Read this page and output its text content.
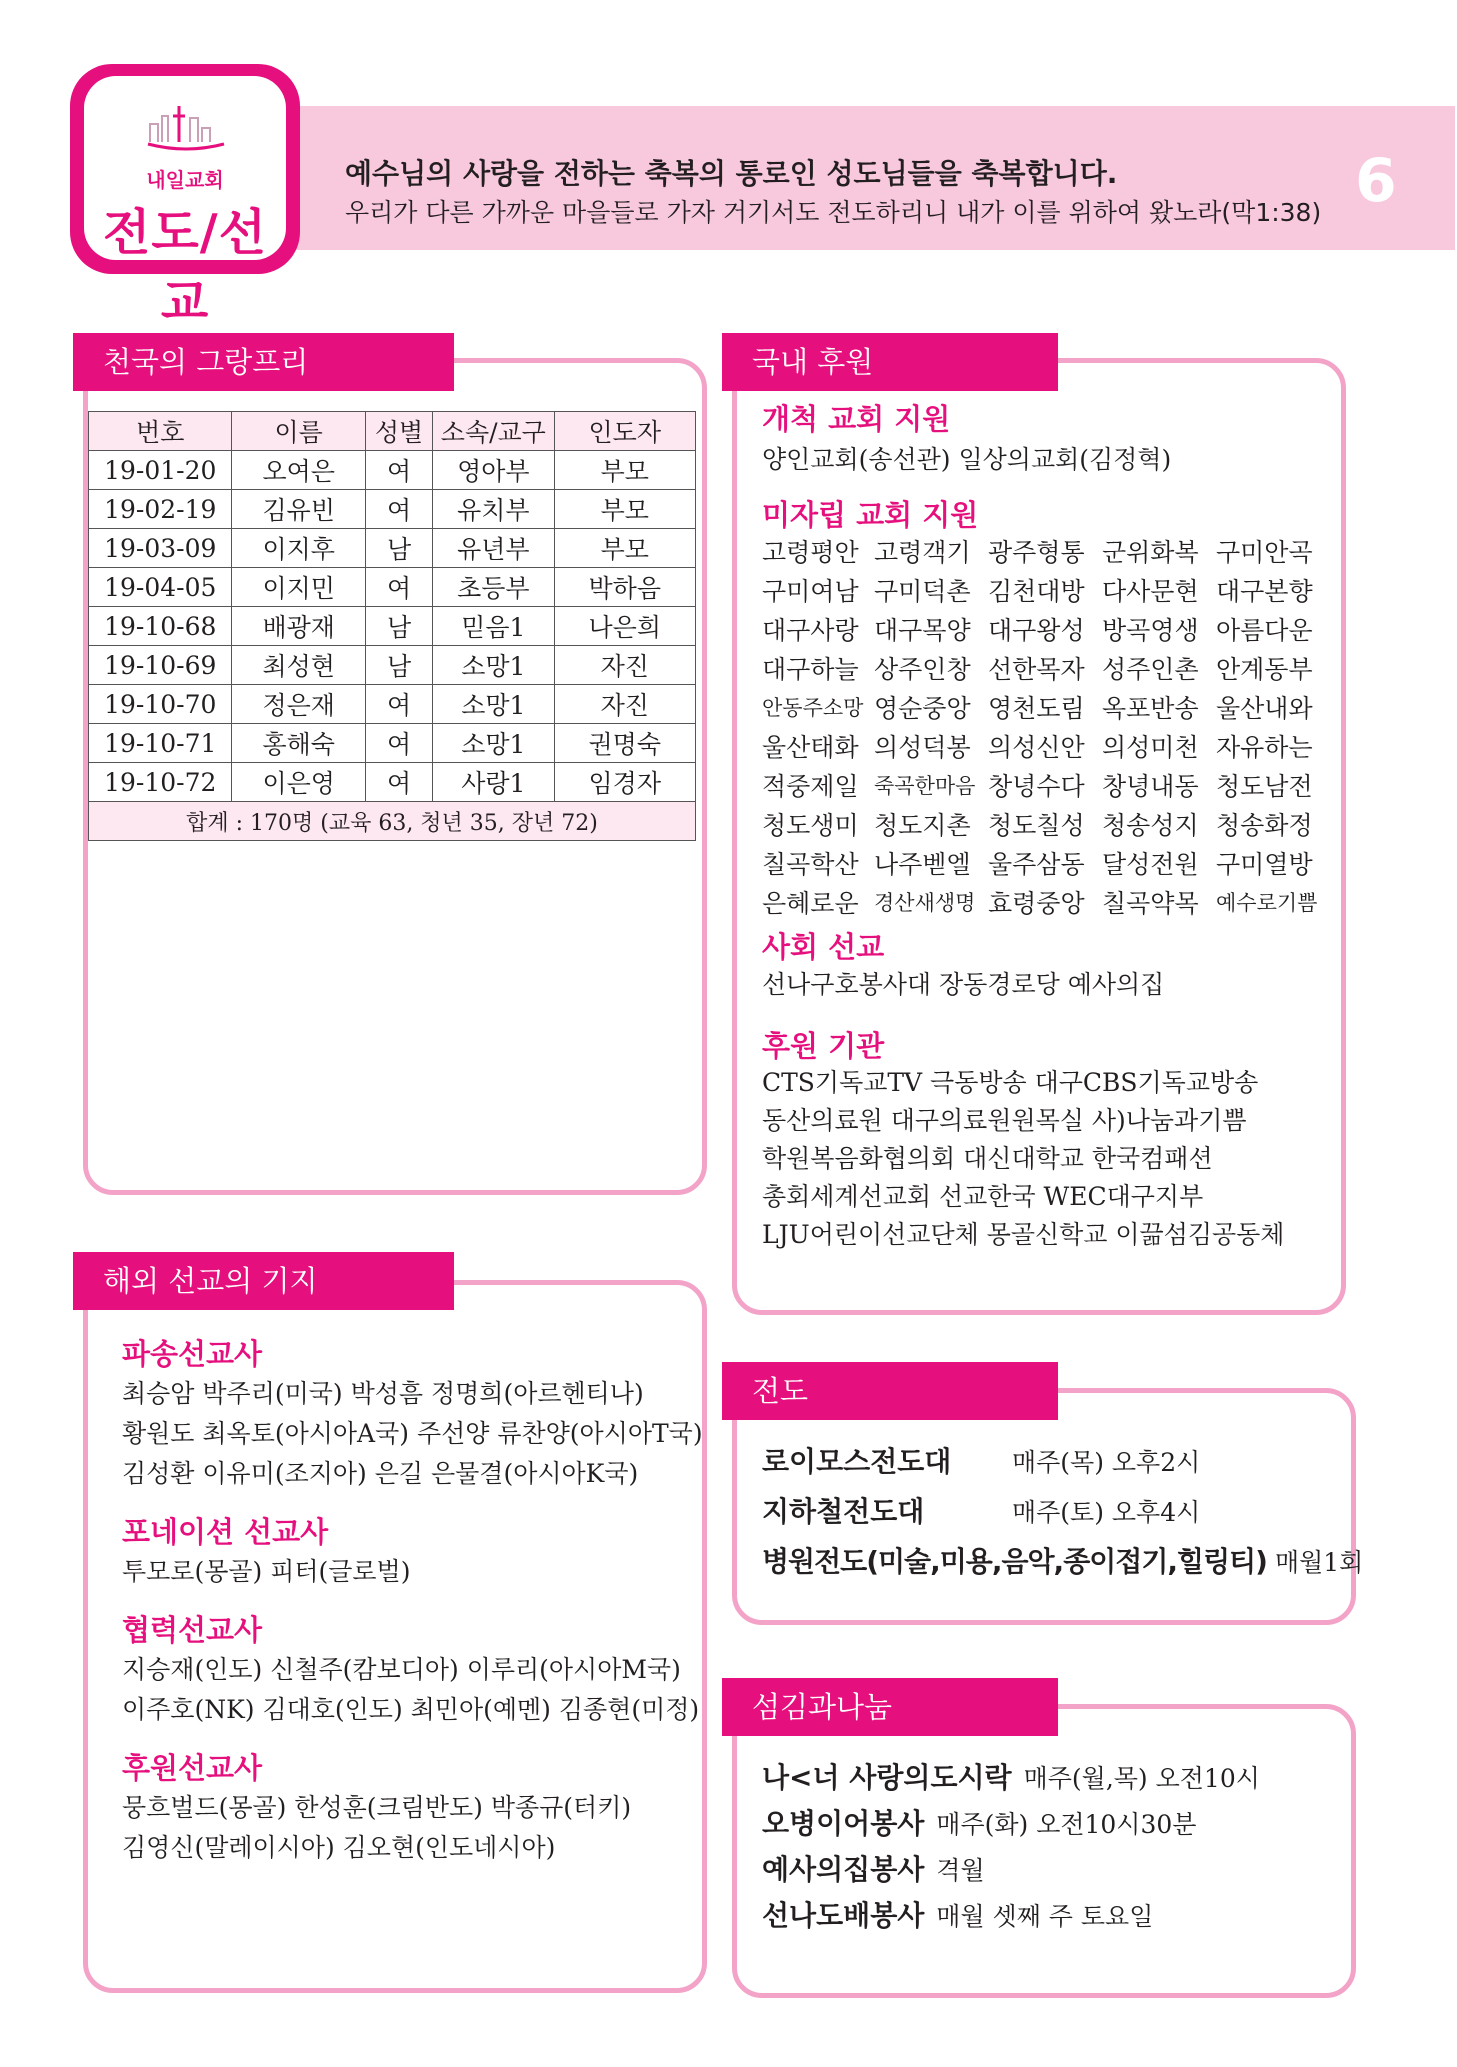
내일교회
전도/선교
예수님의 사랑을 전하는 축복의 통로인 성도님들을 축복합니다.
우리가 다른 가까운 마을들로 가자 거기서도 전도하리니 내가 이를 위하여 왔노라(막1:38) 6
천국의 그랑프리
번호	이름	성별	소속/교구	인도자
19-01-20	오여은	여	영아부	부모
19-02-19	김유빈	여	유치부	부모
19-03-09	이지후	남	유년부	부모
19-04-05	이지민	여	초등부	박하음
19-10-68	배광재	남	믿음1	나은희
19-10-69	최성현	남	소망1	자진
19-10-70	정은재	여	소망1	자진
19-10-71	홍해숙	여	소망1	권명숙
19-10-72	이은영	여	사랑1	임경자
합계 : 170명 (교육 63, 청년 35, 장년 72)				
국내 후원
개척 교회 지원
양인교회(송선관) 일상의교회(김정혁)
미자립 교회 지원
고령평안 고령객기 광주형통 군위화복 구미안곡
구미여남 구미덕촌 김천대방 다사문현 대구본향
대구사랑 대구목양 대구왕성 방곡영생 아름다운
대구하늘 상주인창 선한목자 성주인촌 안계동부
안동주소망 영순중앙 영천도림 옥포반송 울산내와
울산태화 의성덕봉 의성신안 의성미천 자유하는
적중제일 죽곡한마음 창녕수다 창녕내동 청도남전
청도생미 청도지촌 청도칠성 청송성지 청송화정
칠곡학산 나주벧엘 울주삼동 달성전원 구미열방
은혜로운 경산새생명 효령중앙 칠곡약목 예수로기쁨
사회 선교
선나구호봉사대 장동경로당 예사의집
후원 기관
CTS기독교TV 극동방송 대구CBS기독교방송
동산의료원 대구의료원원목실 사)나눔과기쁨
학원복음화협의회 대신대학교 한국컴패션
총회세계선교회 선교한국 WEC대구지부
LJU어린이선교단체 몽골신학교 이끎섬김공동체
해외 선교의 기지
파송선교사
최승암 박주리(미국) 박성흠 정명희(아르헨티나)
황원도 최옥토(아시아A국) 주선양 류찬양(아시아T국)
김성환 이유미(조지아) 은길 은물결(아시아K국)
포네이션 선교사
투모로(몽골) 피터(글로벌)
협력선교사
지승재(인도) 신철주(캄보디아) 이루리(아시아M국)
이주호(NK) 김대호(인도) 최민아(예멘) 김종현(미정)
후원선교사
뭉흐벌드(몽골) 한성훈(크림반도) 박종규(터키)
김영신(말레이시아) 김오현(인도네시아)
전도
로이모스전도대	매주(목) 오후2시
지하철전도대	매주(토) 오후4시
병원전도(미술,미용,음악,종이접기,힐링티) 매월1회
섬김과나눔
나<너 사랑의도시락 매주(월,목) 오전10시
오병이어봉사 매주(화) 오전10시30분
예사의집봉사 격월
선나도배봉사 매월 셋째 주 토요일
